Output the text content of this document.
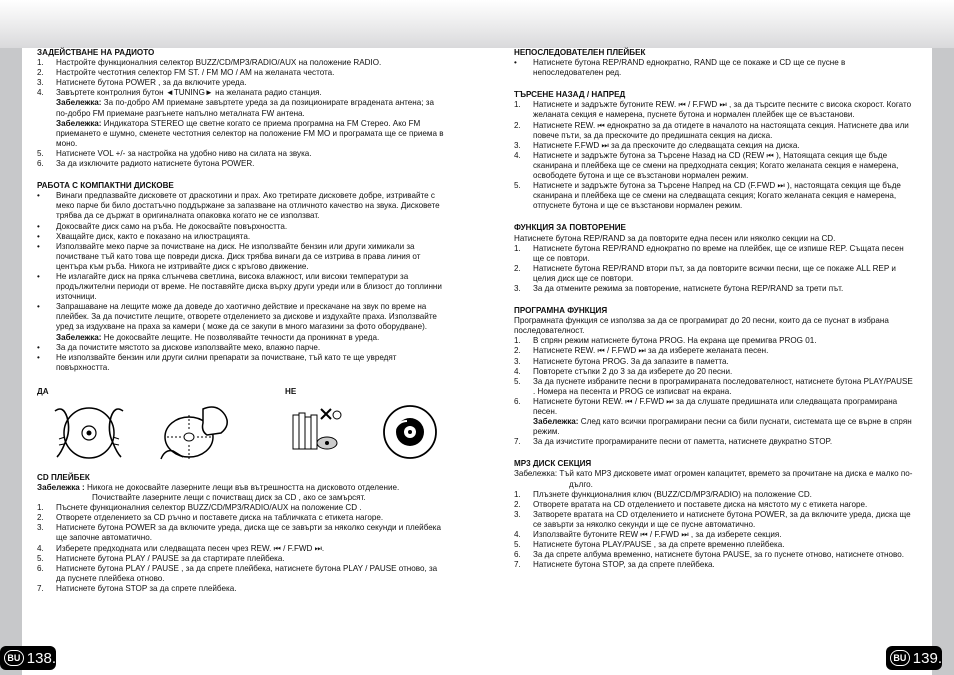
ЗАДЕЙСТВАНЕ НА РАДИОТО
1. Настройте функционалния селектор BUZZ/CD/MP3/RADIO/AUX на положение RADIO.
2. Настройте честотния селектор FM ST. / FM MO / AM на желаната честота.
3. Натиснете бутона POWER , за да включите уреда.
4. Завъртете контролния бутон ◄TUNING► на желаната радио станция.

Забележка: За по-добро AM приемане завъртете уреда за да позиционирате вградената антена; за по-добро FM приемане разгънете напълно металната FW антена.

Забележка: Индикатора STEREO ще светне когато се приема програмна на FM Стерео. Ако FM приемането е шумно, сменете честотния селектор на положение FM MO и програмата ще се приема в моно.

5. Натиснете VOL +/- за настройка на удобно ниво на силата на звука.
6. За да изключите радиото натиснете бутона POWER.
РАБОТА С КОМПАКТНИ ДИСКОВЕ
• Винаги предпазвайте дисковете от драскотини и прах. Ако третирате дисковете добре, изтривайте с меко парче би било достатъчно поддържане за запазване на отличното качество на звука. Дисковете трябва да се държат в оригиналната опаковка когато не се използват.
• Докосвайте диск само на ръба. Не докосвайте повърхността.
• Хващайте диск, както е показано на илюстрацията.
• Използвайте меко парче за почистване на диск. Не използвайте бензин или други химикали за почистване тъй като това ще повреди диска. Диск трябва винаги да се изтрива в права линия от центъра към ръба. Никога не изтривайте диск с кръгово движение.
• Не излагайте диск на пряка слънчева светлина, висока влажност, или високи температури за продължителни периоди от време. Не поставяйте диска върху други уреди или в близост до топлинни източници.
• Запрашаване на лещите може да доведе до хаотично действие и прескачане на звук по време на плейбек. За да почистите лещите, отворете отделението за дискове и издухайте праха. Използвайте уред за издухване на праха за камери ( може да се закупи в много магазини за фото оборудване).

Забележка: Не докосвайте лещите. Не позволявайте течности да проникнат в уреда.

• За да почистите мястото за дискове използвайте меко, влажно парче.
• Не използвайте бензин или други силни препарати за почистване, тъй като те ще увредят повърхността.
ДА	НЕ
CD ПЛЕЙБЕК

Забележка : Никога не докосвайте лазерните лещи във вътрешността на дисковото отделение.

Почиствайте лазерните лещи с почистващ диск за CD , ако се замърсят.

1. Пъснете функционалния селектор BUZZ/CD/MP3/RADIO/AUX на положение CD .
2. Отворете отделението за CD ръчно и поставете диска на табличката с етикета нагоре.
3. Натиснете бутона POWER за да включите уреда, диска ще се завърти за няколко секунди и плейбека ще започне автоматично.
4. Изберете предходната или следващата песен чрез REW. ⏮ / F.FWD ⏭.
5. Натиснете бутона PLAY / PAUSE за да стартирате плейбека.
6. Натиснете бутона PLAY / PAUSE , за да спрете плейбека, натиснете бутона PLAY / PAUSE отново, за да пуснете плейбека отново.
7. Натиснете бутона STOP за да спрете плейбека.
НЕПОСЛЕДОВАТЕЛЕН ПЛЕЙБЕК
• Натиснете бутона REP/RAND еднократно, RAND ще се покаже и CD ще се пусне в непоследователен ред.
ТЪРСЕНЕ НАЗАД / НАПРЕД
1. Натиснете и задръжте бутоните REW. ⏮ / F.FWD ⏭ , за да търсите песните с висока скорост. Когато желаната секция е намерена, пуснете бутона и нормален плейбек ще се възстанови.
2. Натиснете REW. ⏮ еднократно за да отидете в началото на настоящата секция. Натиснете два или повече пъти, за да прескочите до предишната секция на диска.
3. Натиснете F.FWD ⏭ за да прескочите до следващата секция на диска.
4. Натиснете и задръжте бутона за Търсене Назад на CD (REW ⏮ ), Натоящата секция ще бъде сканирана и плейбека ще се смени на предходната секция; Когато желаната секция е намерена, освободете бутона и ще се възстанови нормален режим.
5. Натиснете и задръжте бутона за Търсене Напред на CD (F.FWD ⏭ ), настоящата секция ще бъде сканирана и плейбека ще се смени на следващата секция; Когато желаната секция е намерена, отпуснете бутона и ще се възстанови нормален режим.
ФУНКЦИЯ ЗА ПОВТОРЕНИЕ

Натиснете бутона REP/RAND за да повторите една песен или няколко секции на CD.

1. Натиснете бутона REP/RAND еднократно по време на плейбек, ще се изпише REP. Същата песен ще се повтори.
2. Натиснете бутона REP/RAND втори път, за да повторите всички песни, ще се покаже ALL REP и целия диск ще се повтори.
3. За да отмените режима за повторение, натиснете бутона REP/RAND за трети път.
ПРОГРАМНА ФУНКЦИЯ

Програмната функция се използва за да се програмират до 20 песни, които да се пуснат в избрана последователност.

1. В спрян режим натиснете бутона PROG. На екрана ще премигва PROG 01.
2. Натиснете REW. ⏮ / F.FWD ⏭ за да изберете желаната песен.
3. Натиснете бутона PROG. За да запазите в паметта.
4. Повторете стъпки 2 до 3 за да изберете до 20 песни.
5. За да пуснете избраните песни в програмираната последователност, натиснете бутона PLAY/PAUSE . Номера на песента и PROG се изписват на екрана.
6. Натиснете бутони REW. ⏮ / F.FWD ⏭ за да слушате предишната или следващата програмирана песен.

Забележка: След като всички програмирани песни са били пуснати, системата ще се върне в спрян режим.

7. За да изчистите програмираните песни от паметта, натиснете двукратно STOP.
MP3 ДИСК СЕКЦИЯ

Забележка: Тъй като MP3 дисковете имат огромен капацитет, времето за прочитане на диска е малко по-дълго.

1. Плъзнете функционалния ключ (BUZZ/CD/MP3/RADIO) на положение CD.
2. Отворете вратата на CD отделението и поставете диска на мястото му с етикета нагоре.
3. Затворете вратата на CD отделението и натиснете бутона POWER, за да включите уреда, диска ще се завърти за няколко секунди и ще се пусне автоматично.
4. Използвайте бутоните REW ⏮ / F.FWD ⏭ , за да изберете секция.
5. Натиснете бутона PLAY/PAUSE , за да спрете временно плейбека.
6. За да спрете албума временно, натиснете бутона PAUSE, за го пуснете отново, натиснете отново.
7. Натиснете бутона STOP, за да спрете плейбека.
BU 138.	BU 139.
